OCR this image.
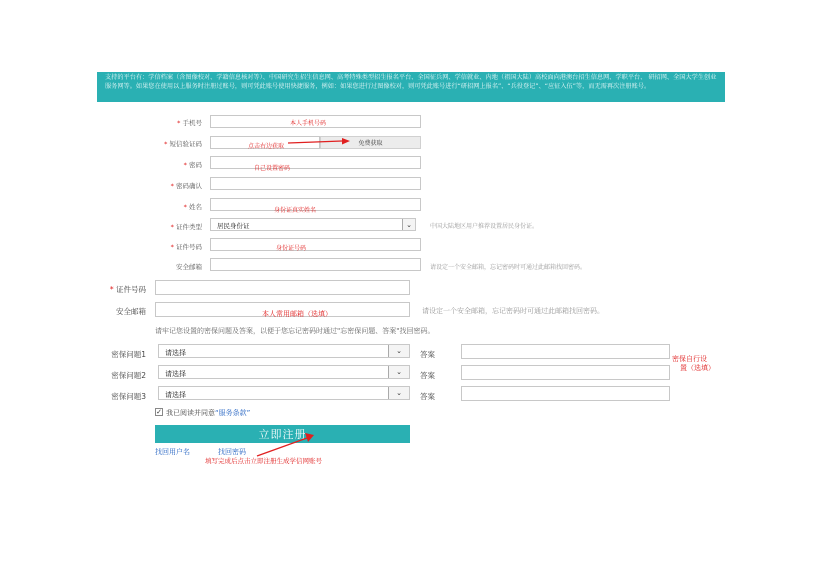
支持的平台有：学信档案（含图像校对、学籍信息核对等）、中国研究生招生信息网、高考特殊类型招生报名平台、全国征兵网、学信就业、内地（祖国大陆）高校面向港澳台招生信息网、学职平台、 研招网、全国大学生创业服务网等。如果您在使用以上服务时注册过账号，则可凭此账号使用快捷服务，例如：如果您进行过图像校对，则可凭此账号进行“研招网上报名”、“兵役登记”、“应征入伍”等，而无需再次注册账号。
* 手机号	本人手机号码
* 短信验证码	免费获取
点击右边获取
* 密码	自己设置密码
* 密码确认
* 姓名	身份证真实姓名
* 证件类型 居民身份证	⌄	中国大陆地区用户推荐设置居民身份证。
* 证件号码	身份证号码
安全邮箱	请设定一个安全邮箱，忘记密码时可通过此邮箱找回密码。
* 证件号码
安全邮箱	本人常用邮箱（选填）	请设定一个安全邮箱，忘记密码时可通过此邮箱找回密码。
请牢记您设置的密保问题及答案，以便于您忘记密码时通过"忘密保问题、答案"找回密码。
密保问题1	请选择	⌄	答案
密保问题2	请选择	⌄	答案
密保问题3	请选择	⌄	答案
密保自行设
置（选填）
✓ 我已阅读并同意“服务条款”
立即注册
找回用户名	找回密码
填写完成后点击立即注册生成学信网账号
